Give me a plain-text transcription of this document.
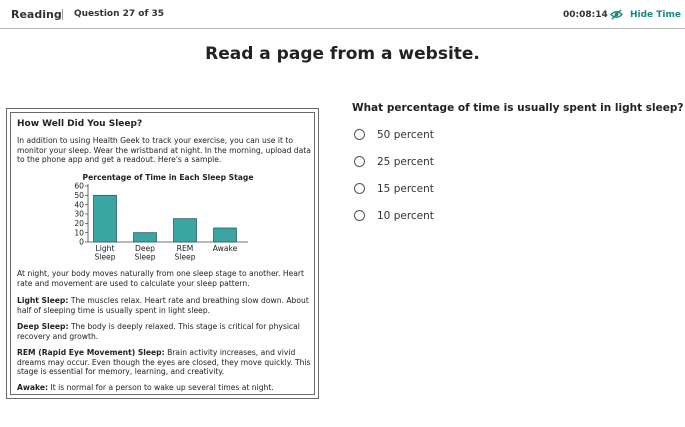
Reading Question 27 of 35	00:08:14 Hide Time
Read a page from a website.
How Well Did You Sleep?
In addition to using Health Geek to track your exercise, you can use it to monitor your sleep. Wear the wristband at night. In the morning, upload data to the phone app and get a readout. Here's a sample.
At night, your body moves naturally from one sleep stage to another. Heart rate and movement are used to calculate your sleep pattern.
Light Sleep: The muscles relax. Heart rate and breathing slow down. About half of sleeping time is usually spent in light sleep.
Deep Sleep: The body is deeply relaxed. This stage is critical for physical recovery and growth.
REM (Rapid Eye Movement) Sleep: Brain activity increases, and vivid dreams may occur. Even though the eyes are closed, they move quickly. This stage is essential for memory, learning, and creativity.
Awake: It is normal for a person to wake up several times at night.
Percentage of Time in Each Sleep Stage
0
10
20
30
40
50
60
Light
Sleep
Deep
Sleep
REM
Sleep
Awake
What percentage of time is usually spent in light sleep?
50 percent
25 percent
15 percent
10 percent
